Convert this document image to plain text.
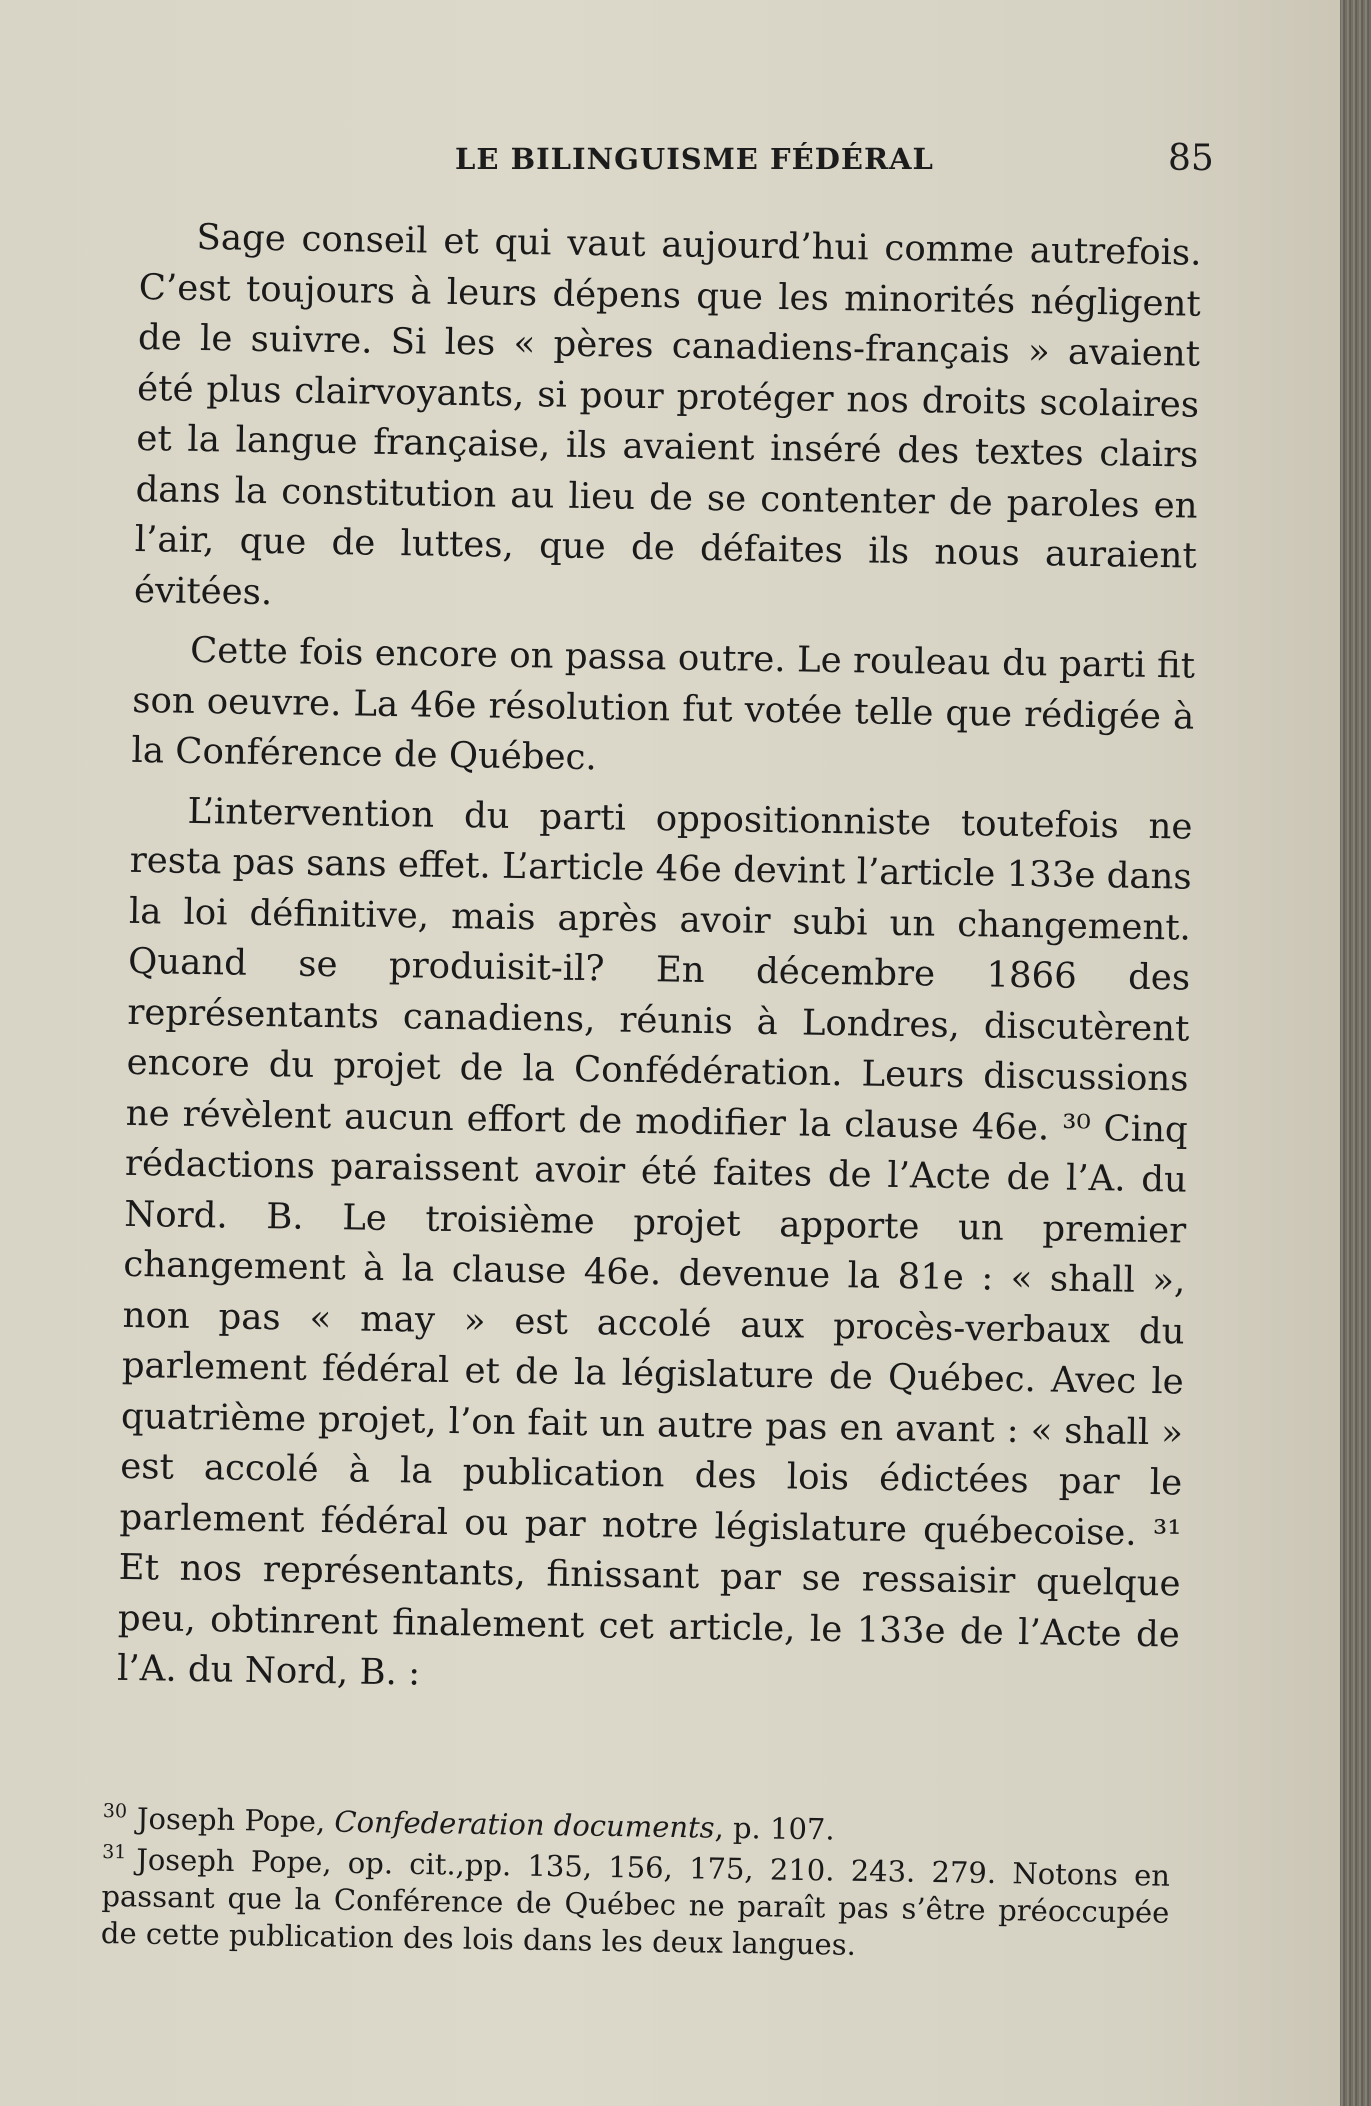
LE BILINGUISME FÉDÉRAL	85

Sage conseil et qui vaut aujourd’hui comme autrefois. C’est toujours à leurs dépens que les minorités négligent de le suivre. Si les « pères canadiens-français » avaient été plus clairvoyants, si pour protéger nos droits scolaires et la langue française, ils avaient inséré des textes clairs dans la constitution au lieu de se contenter de paroles en l’air, que de luttes, que de défaites ils nous auraient évitées.

Cette fois encore on passa outre. Le rouleau du parti fit son oeuvre. La 46e résolution fut votée telle que rédigée à la Conférence de Québec.

L’intervention du parti oppositionniste toutefois ne resta pas sans effet. L’article 46e devint l’article 133e dans la loi définitive, mais après avoir subi un changement. Quand se produisit-il? En décembre 1866 des représentants canadiens, réunis à Londres, discutèrent encore du projet de la Confédération. Leurs discussions ne révèlent aucun effort de modifier la clause 46e. ³⁰ Cinq rédactions paraissent avoir été faites de l’Acte de l’A. du Nord. B. Le troisième projet apporte un premier changement à la clause 46e. devenue la 81e : « shall », non pas « may » est accolé aux procès-verbaux du parlement fédéral et de la législature de Québec. Avec le quatrième projet, l’on fait un autre pas en avant : « shall » est accolé à la publication des lois édictées par le parlement fédéral ou par notre législature québecoise. ³¹ Et nos représentants, finissant par se ressaisir quelque peu, obtinrent finalement cet article, le 133e de l’Acte de l’A. du Nord, B. :

$^{30}$ Joseph Pope, Confederation documents, p. 107.
$^{31}$ Joseph Pope, op. cit.,pp. 135, 156, 175, 210. 243. 279. Notons en passant que la Conférence de Québec ne paraît pas s’être préoccupée de cette publication des lois dans les deux langues.
